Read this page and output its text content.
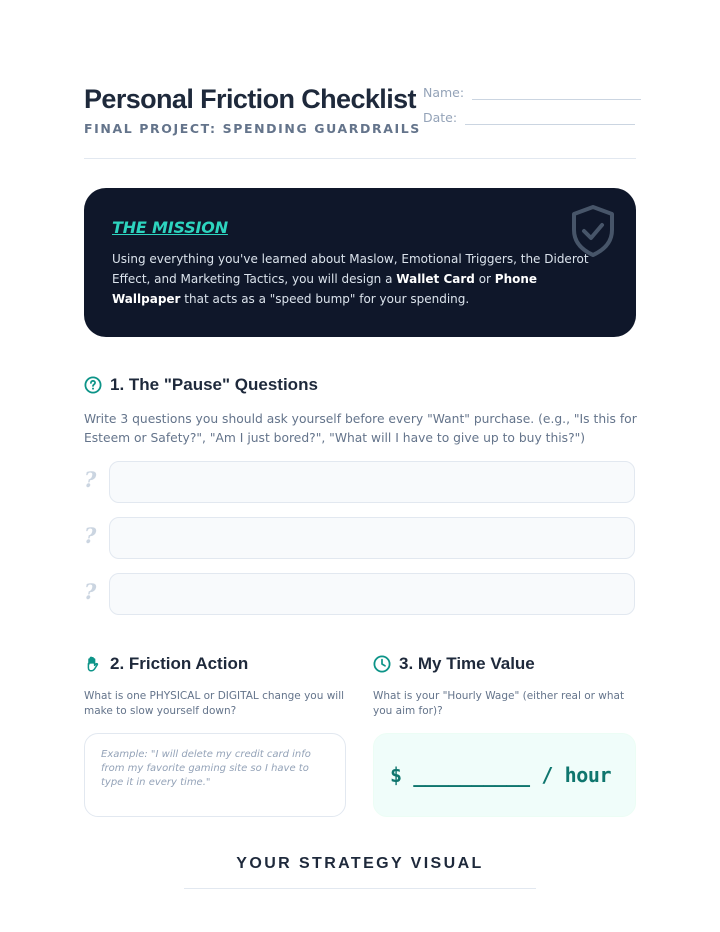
Personal Friction Checklist
FINAL PROJECT: SPENDING GUARDRAILS
Name:
Date:
THE MISSION
Using everything you've learned about Maslow, Emotional Triggers, the Diderot Effect, and Marketing Tactics, you will design a Wallet Card or Phone Wallpaper that acts as a "speed bump" for your spending.
1. The "Pause" Questions
Write 3 questions you should ask yourself before every "Want" purchase. (e.g., "Is this for Esteem or Safety?", "Am I just bored?", "What will I have to give up to buy this?")
?
?
?
2. Friction Action
What is one PHYSICAL or DIGITAL change you will make to slow yourself down?
Example: "I will delete my credit card info from my favorite gaming site so I have to type it in every time."
3. My Time Value
What is your "Hourly Wage" (either real or what you aim for)?
$ __________ / hour
YOUR STRATEGY VISUAL
